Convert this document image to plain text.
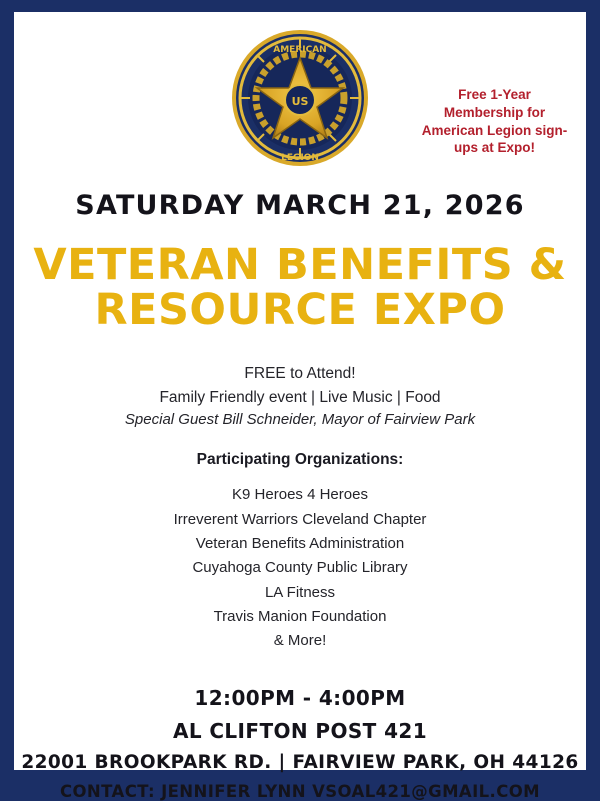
US
AMERICAN
LEGION
Free 1-Year Membership for American Legion sign-ups at Expo!
SATURDAY MARCH 21, 2026
VETERAN BENEFITS &
RESOURCE EXPO
FREE to Attend!
Family Friendly event | Live Music | Food
Special Guest Bill Schneider, Mayor of Fairview Park
Participating Organizations:
K9 Heroes 4 Heroes
Irreverent Warriors Cleveland Chapter
Veteran Benefits Administration
Cuyahoga County Public Library
LA Fitness
Travis Manion Foundation
& More!
12:00PM - 4:00PM
AL CLIFTON POST 421
22001 BROOKPARK RD. | FAIRVIEW PARK, OH 44126
CONTACT: JENNIFER LYNN VSOAL421@GMAIL.COM
